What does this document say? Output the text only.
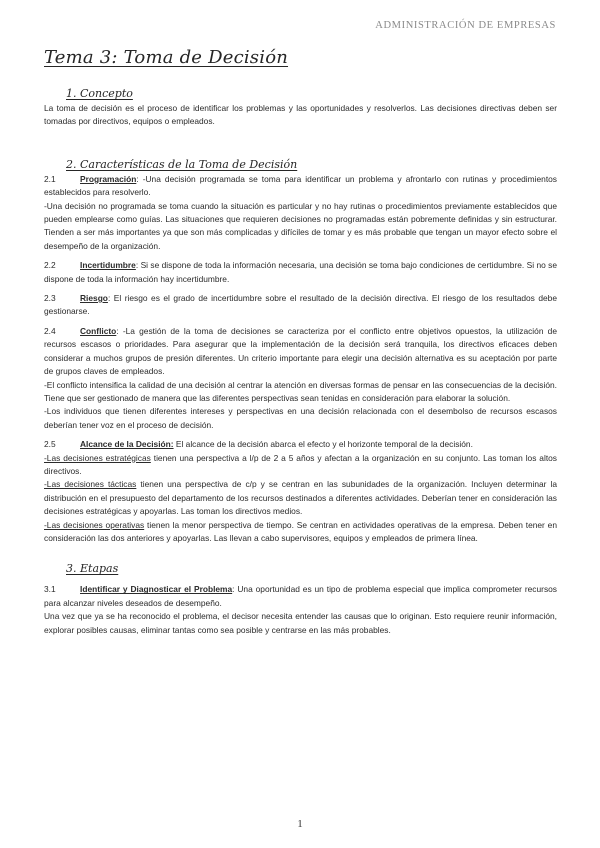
ADMINISTRACIÓN DE EMPRESAS
Tema 3: Toma de Decisión
1. Concepto

La toma de decisión es el proceso de identificar los problemas y las oportunidades y resolverlos. Las decisiones directivas deben ser tomadas por directivos, equipos o empleados.

2. Características de la Toma de Decisión

2.1	Programación: -Una decisión programada se toma para identificar un problema y afrontarlo con rutinas y procedimientos establecidos para resolverlo.

-Una decisión no programada se toma cuando la situación es particular y no hay rutinas o procedimientos previamente establecidos que pueden emplearse como guías. Las situaciones que requieren decisiones no programadas están pobremente definidas y sin estructurar. Tienden a ser más importantes ya que son más complicadas y difíciles de tomar y es más probable que tengan un mayor efecto sobre el desempeño de la organización.

2.2	Incertidumbre: Si se dispone de toda la información necesaria, una decisión se toma bajo condiciones de certidumbre. Si no se dispone de toda la información hay incertidumbre.

2.3	Riesgo: El riesgo es el grado de incertidumbre sobre el resultado de la decisión directiva. El riesgo de los resultados debe gestionarse.

2.4	Conflicto: -La gestión de la toma de decisiones se caracteriza por el conflicto entre objetivos opuestos, la utilización de recursos escasos o prioridades. Para asegurar que la implementación de la decisión será tranquila, los directivos eficaces deben considerar a muchos grupos de presión diferentes. Un criterio importante para elegir una decisión alternativa es su aceptación por parte de grupos claves de empleados.

-El conflicto intensifica la calidad de una decisión al centrar la atención en diversas formas de pensar en las consecuencias de la decisión. Tiene que ser gestionado de manera que las diferentes perspectivas sean tenidas en consideración para elaborar la solución.

-Los individuos que tienen diferentes intereses y perspectivas en una decisión relacionada con el desembolso de recursos escasos deberían tener voz en el proceso de decisión.

2.5	Alcance de la Decisión: El alcance de la decisión abarca el efecto y el horizonte temporal de la decisión.

-Las decisiones estratégicas tienen una perspectiva a l/p de 2 a 5 años y afectan a la organización en su conjunto. Las toman los altos directivos.

-Las decisiones tácticas tienen una perspectiva de c/p y se centran en las subunidades de la organización. Incluyen determinar la distribución en el presupuesto del departamento de los recursos destinados a diferentes actividades. Deberían tener en consideración las decisiones estratégicas y apoyarlas. Las toman los directivos medios.

-Las decisiones operativas tienen la menor perspectiva de tiempo. Se centran en actividades operativas de la empresa. Deben tener en consideración las dos anteriores y apoyarlas. Las llevan a cabo supervisores, equipos y empleados de primera línea.

3. Etapas

3.1	Identificar y Diagnosticar el Problema: Una oportunidad es un tipo de problema especial que implica comprometer recursos para alcanzar niveles deseados de desempeño.

Una vez que ya se ha reconocido el problema, el decisor necesita entender las causas que lo originan. Esto requiere reunir información, explorar posibles causas, eliminar tantas como sea posible y centrarse en las más probables.

1
